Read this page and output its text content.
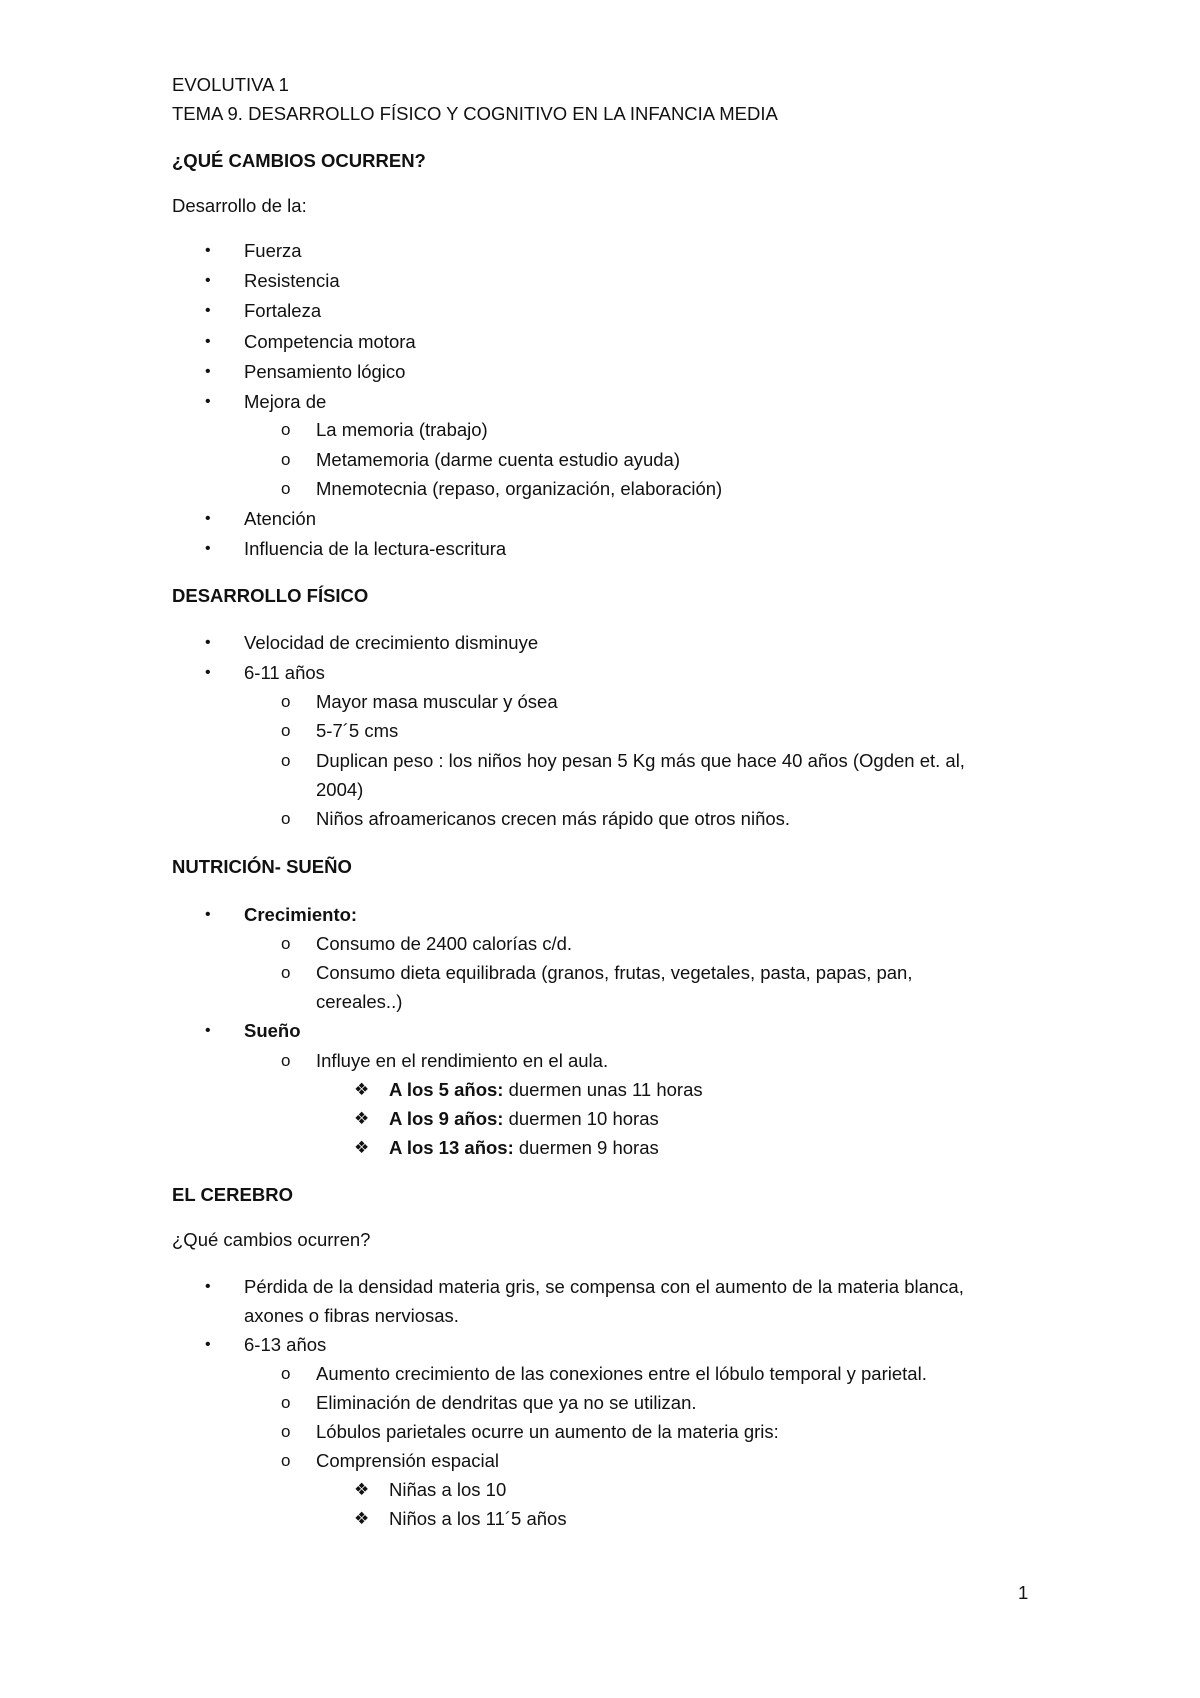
EVOLUTIVA 1
TEMA 9. DESARROLLO FÍSICO Y COGNITIVO EN LA INFANCIA MEDIA
¿QUÉ CAMBIOS OCURREN?
Desarrollo de la:
• Fuerza
• Resistencia
• Fortaleza
• Competencia motora
• Pensamiento lógico
• Mejora de
o La memoria (trabajo)
o Metamemoria (darme cuenta estudio ayuda)
o Mnemotecnia (repaso, organización, elaboración)
• Atención
• Influencia de la lectura-escritura
DESARROLLO FÍSICO
• Velocidad de crecimiento disminuye
• 6-11 años
o Mayor masa muscular y ósea
o 5-7´5 cms
o Duplican peso : los niños hoy pesan 5 Kg más que hace 40 años (Ogden et. al,
2004)
o Niños afroamericanos crecen más rápido que otros niños.
NUTRICIÓN- SUEÑO
• Crecimiento:
o Consumo de 2400 calorías c/d.
o Consumo dieta equilibrada (granos, frutas, vegetales, pasta, papas, pan,
cereales..)
• Sueño
o Influye en el rendimiento en el aula.
❖ A los 5 años: duermen unas 11 horas
❖ A los 9 años: duermen 10 horas
❖ A los 13 años: duermen 9 horas
EL CEREBRO
¿Qué cambios ocurren?
• Pérdida de la densidad materia gris, se compensa con el aumento de la materia blanca,
axones o fibras nerviosas.
• 6-13 años
o Aumento crecimiento de las conexiones entre el lóbulo temporal y parietal.
o Eliminación de dendritas que ya no se utilizan.
o Lóbulos parietales ocurre un aumento de la materia gris:
o Comprensión espacial
❖ Niñas a los 10
❖ Niños a los 11´5 años
1
